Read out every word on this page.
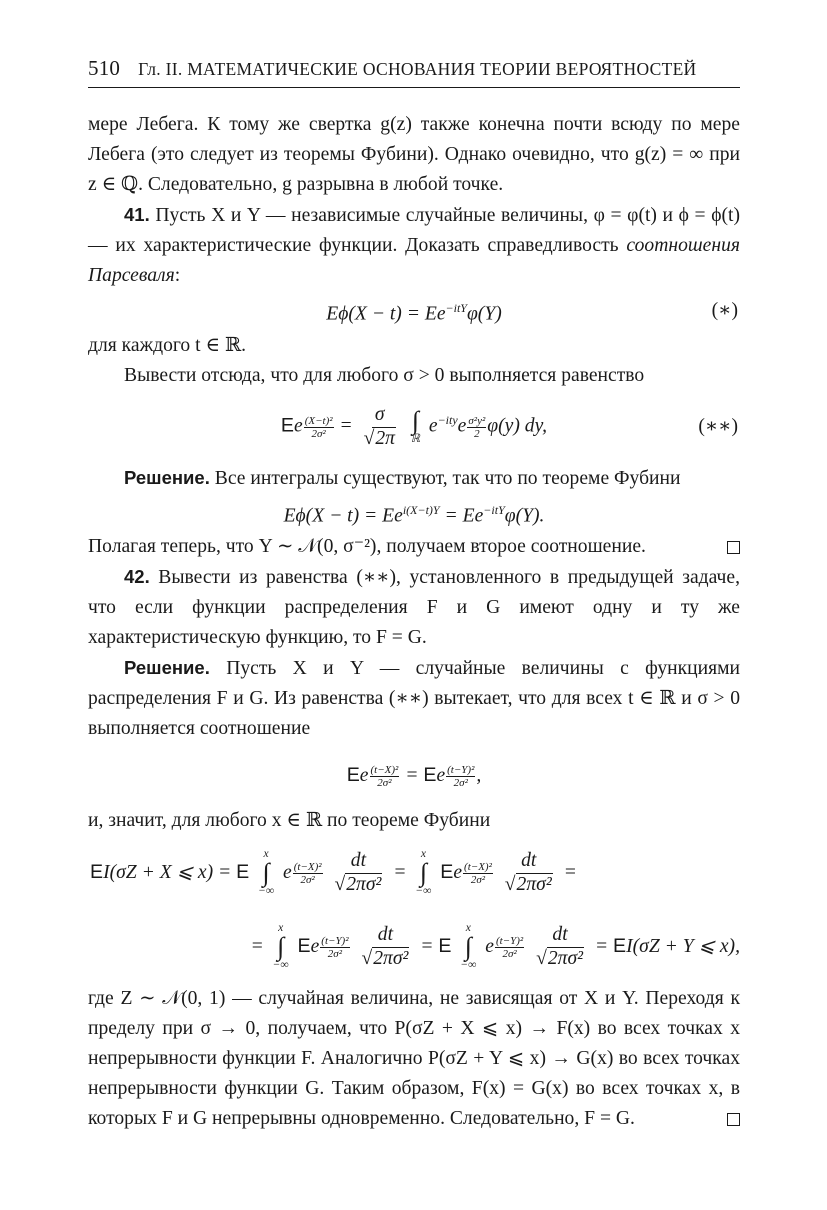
510 Гл. II. МАТЕМАТИЧЕСКИЕ ОСНОВАНИЯ ТЕОРИИ ВЕРОЯТНОСТЕЙ

мере Лебега. К тому же свертка g(z) также конечна почти всюду по мере Лебега (это следует из теоремы Фубини). Однако очевидно, что g(z) = ∞ при z ∈ ℚ. Следовательно, g разрывна в любой точке.

41. Пусть X и Y — независимые случайные величины, φ = φ(t) и ϕ = ϕ(t) — их характеристические функции. Доказать справедливость соотношения Парсеваля:

$E\phi(X - t) = Ee^{-itY}\varphi(Y)$	(∗)

для каждого t ∈ ℝ.

Вывести отсюда, что для любого σ > 0 выполняется равенство

Ee $\frac{\text{(X−t)²}}{\text{2σ²}} = \frac{\sigma}{√2\pi}$
∫
ℝ
$e^{-ity}e \frac{\text{σ²y²}}{2} \varphi(y)$ dy,	(∗∗)

Решение. Все интегралы существуют, так что по теореме Фубини

$E\phi(X - t) = Ee^{i(X-t)Y} = Ee^{-itY}\varphi(Y)$.

Полагая теперь, что Y ∼ 𝒩(0, σ⁻²), получаем второе соотношение.

42. Вывести из равенства (∗∗), установленного в предыдущей задаче, что если функции распределения F и G имеют одну и ту же характеристическую функцию, то F = G.

Решение. Пусть X и Y — случайные величины с функциями распределения F и G. Из равенства (∗∗) вытекает, что для всех t ∈ ℝ и σ > 0 выполняется соотношение

Ee $\frac{\text{(t−X)²}}{\text{2σ²}} = Ee \frac{\text{(t−Y)²}}{\text{2σ²}}$ ,

и, значит, для любого x ∈ ℝ по теореме Фубини

EI(σZ + X ⩽ x) = E
x
∫
−∞
e $\frac{\text{(t−X)²}}{\text{2σ²}}$
$\frac{dt}{\text{√2πσ²}}$ =
x
∫
−∞
Ee $\frac{\text{(t−X)²}}{\text{2σ²}}$
$\frac{dt}{\text{√2πσ²}}$ =
=
x
∫
−∞
Ee $\frac{\text{(t−Y)²}}{\text{2σ²}}$
$\frac{dt}{\text{√2πσ²}} = E$
x
∫
−∞
e $\frac{\text{(t−Y)²}}{\text{2σ²}}$
$\frac{dt}{\text{√2πσ²}} = EI(\sigma Z + Y$ ⩽ x),

где Z ∼ 𝒩(0, 1) — случайная величина, не зависящая от X и Y. Переходя к пределу при σ → 0, получаем, что P(σZ + X ⩽ x) → F(x) во всех точках x непрерывности функции F. Аналогично P(σZ + Y ⩽ x) → G(x) во всех точках непрерывности функции G. Таким образом, F(x) = G(x) во всех точках x, в которых F и G непрерывны одновременно. Следовательно, F = G.
